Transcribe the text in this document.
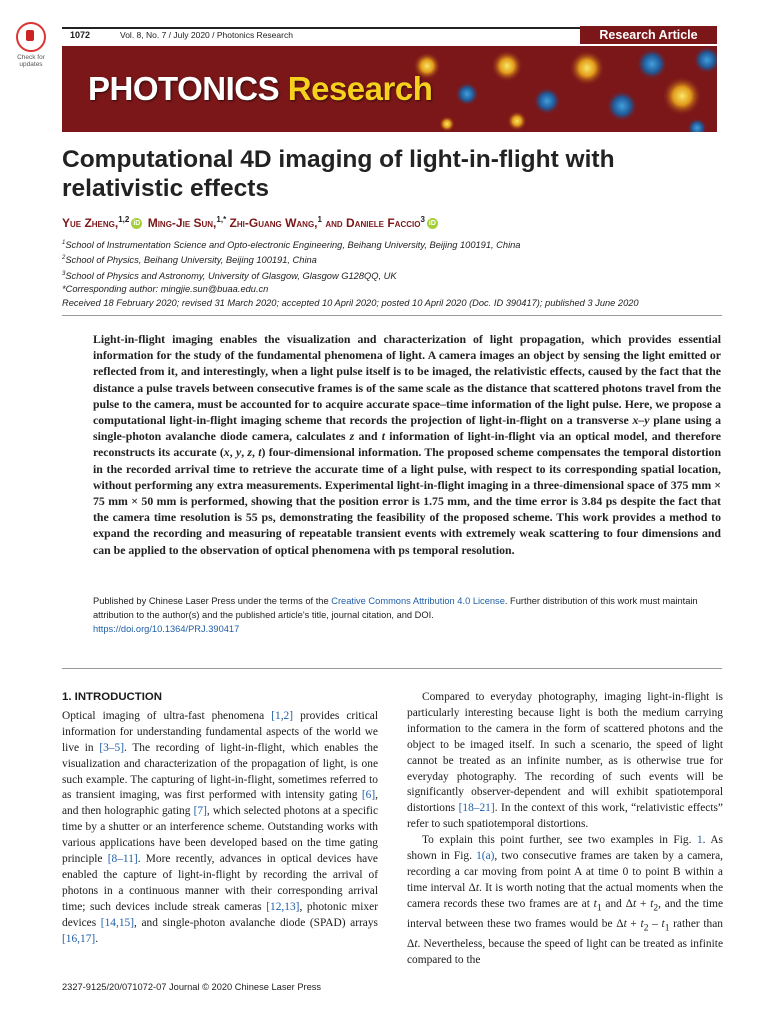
Check for updates
1072	Vol. 8, No. 7 / July 2020 / Photonics Research	Research Article
PHOTONICS Research
Computational 4D imaging of light-in-flight with relativistic effects
Yue Zheng,$^{1,2}$ iD Ming-Jie Sun,$^{1,*}$ Zhi-Guang Wang,$^1$ and Daniele Faccio$^3$ iD
$^1$School of Instrumentation Science and Opto-electronic Engineering, Beihang University, Beijing 100191, China
$^2$School of Physics, Beihang University, Beijing 100191, China
$^3$School of Physics and Astronomy, University of Glasgow, Glasgow G128QQ, UK
*Corresponding author: mingjie.sun@buaa.edu.cn
Received 18 February 2020; revised 31 March 2020; accepted 10 April 2020; posted 10 April 2020 (Doc. ID 390417); published 3 June 2020
Light-in-flight imaging enables the visualization and characterization of light propagation, which provides essential information for the study of the fundamental phenomena of light. A camera images an object by sensing the light emitted or reflected from it, and interestingly, when a light pulse itself is to be imaged, the relativistic effects, caused by the fact that the distance a pulse travels between consecutive frames is of the same scale as the distance that scattered photons travel from the pulse to the camera, must be accounted for to acquire accurate space–time information of the light pulse. Here, we propose a computational light-in-flight imaging scheme that records the projection of light-in-flight on a transverse x–y plane using a single-photon avalanche diode camera, calculates z and t information of light-in-flight via an optical model, and therefore reconstructs its accurate (x, y, z, t) four-dimensional information. The proposed scheme compensates the temporal distortion in the recorded arrival time to retrieve the accurate time of a light pulse, with respect to its corresponding spatial location, without performing any extra measurements. Experimental light-in-flight imaging in a three-dimensional space of 375 mm × 75 mm × 50 mm is performed, showing that the position error is 1.75 mm, and the time error is 3.84 ps despite the fact that the camera time resolution is 55 ps, demonstrating the feasibility of the proposed scheme. This work provides a method to expand the recording and measuring of repeatable transient events with extremely weak scattering to four dimensions and can be applied to the observation of optical phenomena with ps temporal resolution.
Published by Chinese Laser Press under the terms of the Creative Commons Attribution 4.0 License. Further distribution of this work must maintain attribution to the author(s) and the published article's title, journal citation, and DOI.
https://doi.org/10.1364/PRJ.390417
1. INTRODUCTION

Optical imaging of ultra-fast phenomena [1,2] provides critical information for understanding fundamental aspects of the world we live in [3–5]. The recording of light-in-flight, which enables the visualization and characterization of the propagation of light, is one such example. The capturing of light-in-flight, sometimes referred to as transient imaging, was first performed with intensity gating [6], and then holographic gating [7], which selected photons at a specific time by a shutter or an interference scheme. Outstanding works with various applications have been developed based on the time gating principle [8–11]. More recently, advances in optical devices have enabled the capture of light-in-flight by recording the arrival of photons in a continuous manner with their corresponding arrival time; such devices include streak cameras [12,13], photonic mixer devices [14,15], and single-photon avalanche diode (SPAD) arrays [16,17].

Compared to everyday photography, imaging light-in-flight is particularly interesting because light is both the medium carrying information to the camera in the form of scattered photons and the object to be imaged itself. In such a scenario, the speed of light cannot be treated as an infinite number, as is otherwise true for everyday photography. The recording of such events will be significantly observer-dependent and will exhibit spatiotemporal distortions [18–21]. In the context of this work, “relativistic effects” refer to such spatiotemporal distortions.

To explain this point further, see two examples in Fig. 1. As shown in Fig. 1(a), two consecutive frames are taken by a camera, recording a car moving from point A at time 0 to point B within a time interval Δt. It is worth noting that the actual moments when the camera records these two frames are at $t_1$ and $\Delta t + t_2$, and the time interval between these two frames would be $\Delta t + t_2 - t_1$ rather than Δt. Nevertheless, because the speed of light can be treated as infinite compared to the

2327-9125/20/071072-07 Journal © 2020 Chinese Laser Press
